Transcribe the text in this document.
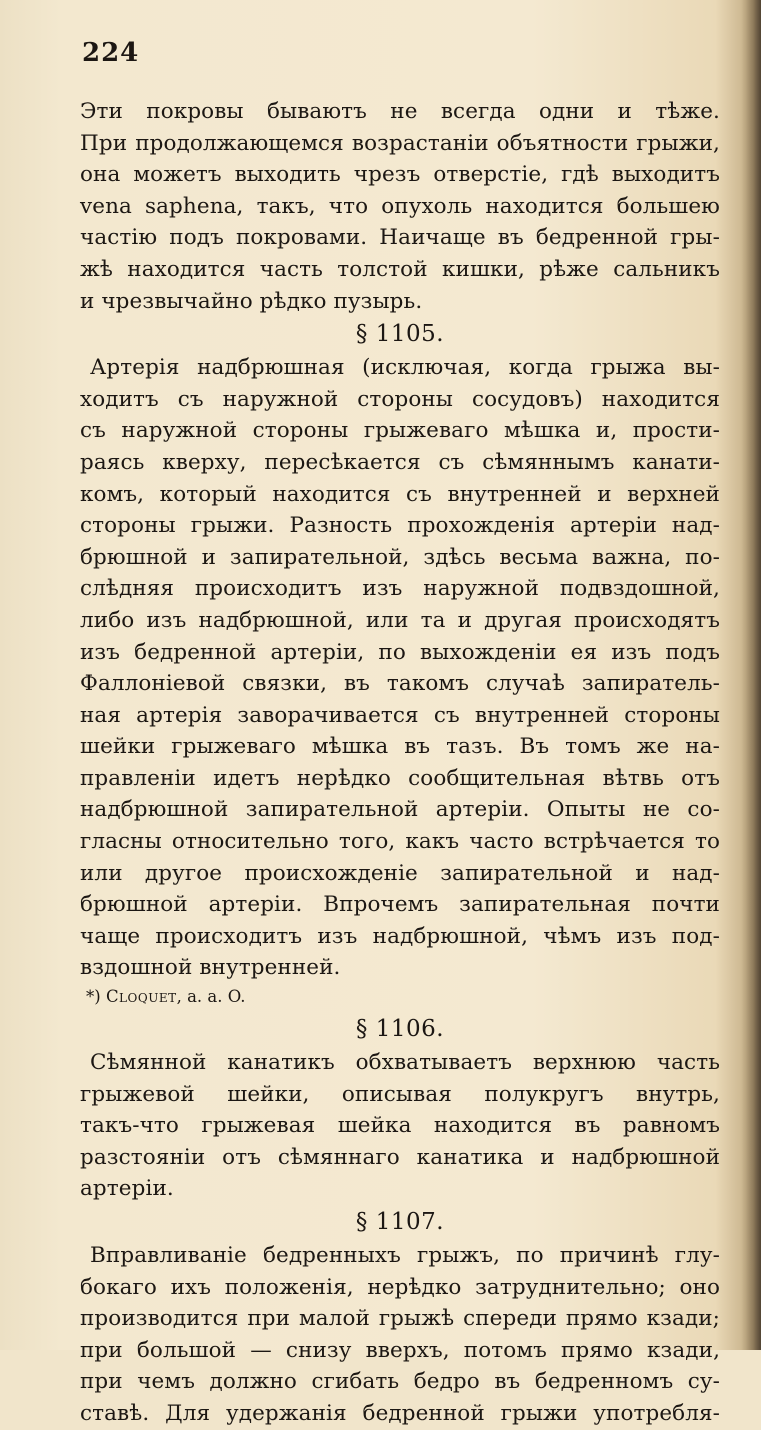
224
Эти покровы бываютъ не всегда одни и тѣже.
При продолжающемся возрастаніи объятности грыжи,
она можетъ выходить чрезъ отверстіе, гдѣ выходитъ
vena saphena, такъ, что опухоль находится большею
частію подъ покровами. Наичаще въ бедренной гры-
жѣ находится часть толстой кишки, рѣже сальникъ
и чрезвычайно рѣдко пузырь.
§ 1105.
Артерія надбрюшная (исключая, когда грыжа вы-
ходитъ съ наружной стороны сосудовъ) находится
съ наружной стороны грыжеваго мѣшка и, прости-
раясь кверху, пересѣкается съ сѣмяннымъ канати-
комъ, который находится съ внутренней и верхней
стороны грыжи. Разность прохожденія артеріи над-
брюшной и запирательной, здѣсь весьма важна, по-
слѣдняя происходитъ изъ наружной подвздошной,
либо изъ надбрюшной, или та и другая происходятъ
изъ бедренной артеріи, по выхожденіи ея изъ подъ
Фаллоніевой связки, въ такомъ случаѣ запиратель-
ная артерія заворачивается съ внутренней стороны
шейки грыжеваго мѣшка въ тазъ. Въ томъ же на-
правленіи идетъ нерѣдко сообщительная вѣтвь отъ
надбрюшной запирательной артеріи. Опыты не со-
гласны относительно того, какъ часто встрѣчается то
или другое происхожденіе запирательной и над-
брюшной артеріи. Впрочемъ запирательная почти
чаще происходитъ изъ надбрюшной, чѣмъ изъ под-
вздошной внутренней.
*) Cloquet, a. a. O.
§ 1106.
Сѣмянной канатикъ обхватываетъ верхнюю часть
грыжевой шейки, описывая полукругъ внутрь,
такъ-что грыжевая шейка находится въ равномъ
разстояніи отъ сѣмяннаго канатика и надбрюшной
артеріи.
§ 1107.
Вправливаніе бедренныхъ грыжъ, по причинѣ глу-
бокаго ихъ положенія, нерѣдко затруднительно; оно
производится при малой грыжѣ спереди прямо кзади;
при большой — снизу вверхъ, потомъ прямо кзади,
при чемъ должно сгибать бедро въ бедренномъ су-
ставѣ. Для удержанія бедренной грыжи употребля-
